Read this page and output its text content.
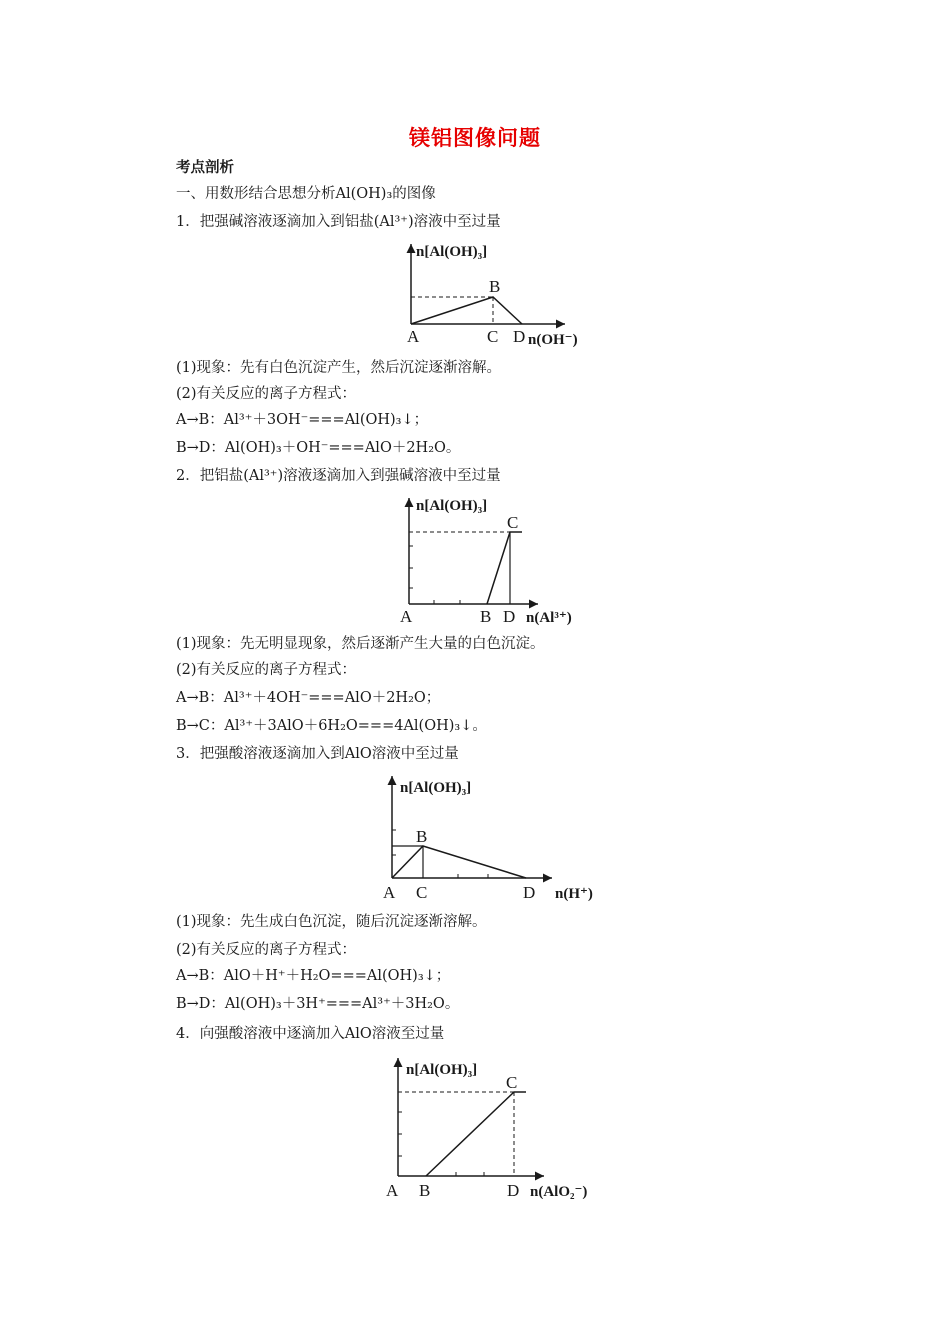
镁铝图像问题
考点剖析
一、用数形结合思想分析Al(OH)₃的图像
1．把强碱溶液逐滴加入到铝盐(Al³⁺)溶液中至过量
n[Al(OH)₃]
A
B
C D n(OH⁻)
(1)现象：先有白色沉淀产生，然后沉淀逐渐溶解。
(2)有关反应的离子方程式：
A→B：Al³⁺＋3OH⁻===Al(OH)₃↓；
B→D：Al(OH)₃＋OH⁻===AlO＋2H₂O。
2．把铝盐(Al³⁺)溶液逐滴加入到强碱溶液中至过量
n[Al(OH)₃]
A	B
C
D n(Al³⁺)
(1)现象：先无明显现象，然后逐渐产生大量的白色沉淀。
(2)有关反应的离子方程式：
A→B：Al³⁺＋4OH⁻===AlO＋2H₂O；
B→C：Al³⁺＋3AlO＋6H₂O===4Al(OH)₃↓。
3．把强酸溶液逐滴加入到AlO溶液中至过量
n[Al(OH)₃]
A
B
C	D n(H⁺)
(1)现象：先生成白色沉淀，随后沉淀逐渐溶解。
(2)有关反应的离子方程式：
A→B：AlO＋H⁺＋H₂O===Al(OH)₃↓；
B→D：Al(OH)₃＋3H⁺===Al³⁺＋3H₂O。
4．向强酸溶液中逐滴加入AlO溶液至过量
n[Al(OH)₃]
A B
C
D n(AlO₂⁻)
